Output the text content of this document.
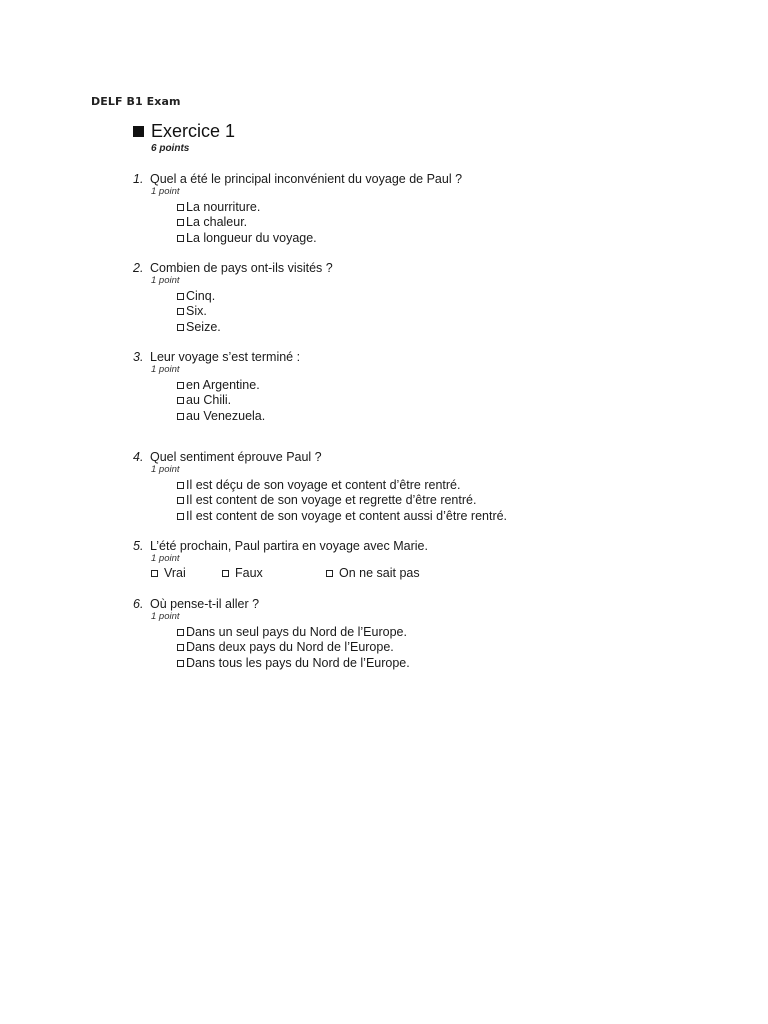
DELF B1 Exam
Exercice 1
6 points
1. Quel a été le principal inconvénient du voyage de Paul ?
1 point
La nourriture.
La chaleur.
La longueur du voyage.
2. Combien de pays ont-ils visités ?
1 point
Cinq.
Six.
Seize.
3. Leur voyage s’est terminé :
1 point
en Argentine.
au Chili.
au Venezuela.
4. Quel sentiment éprouve Paul ?
1 point
Il est déçu de son voyage et content d’être rentré.
Il est content de son voyage et regrette d’être rentré.
Il est content de son voyage et content aussi d’être rentré.
5. L’été prochain, Paul partira en voyage avec Marie.
1 point
Vrai	Faux	On ne sait pas
6. Où pense-t-il aller ?
1 point
Dans un seul pays du Nord de l’Europe.
Dans deux pays du Nord de l’Europe.
Dans tous les pays du Nord de l’Europe.
